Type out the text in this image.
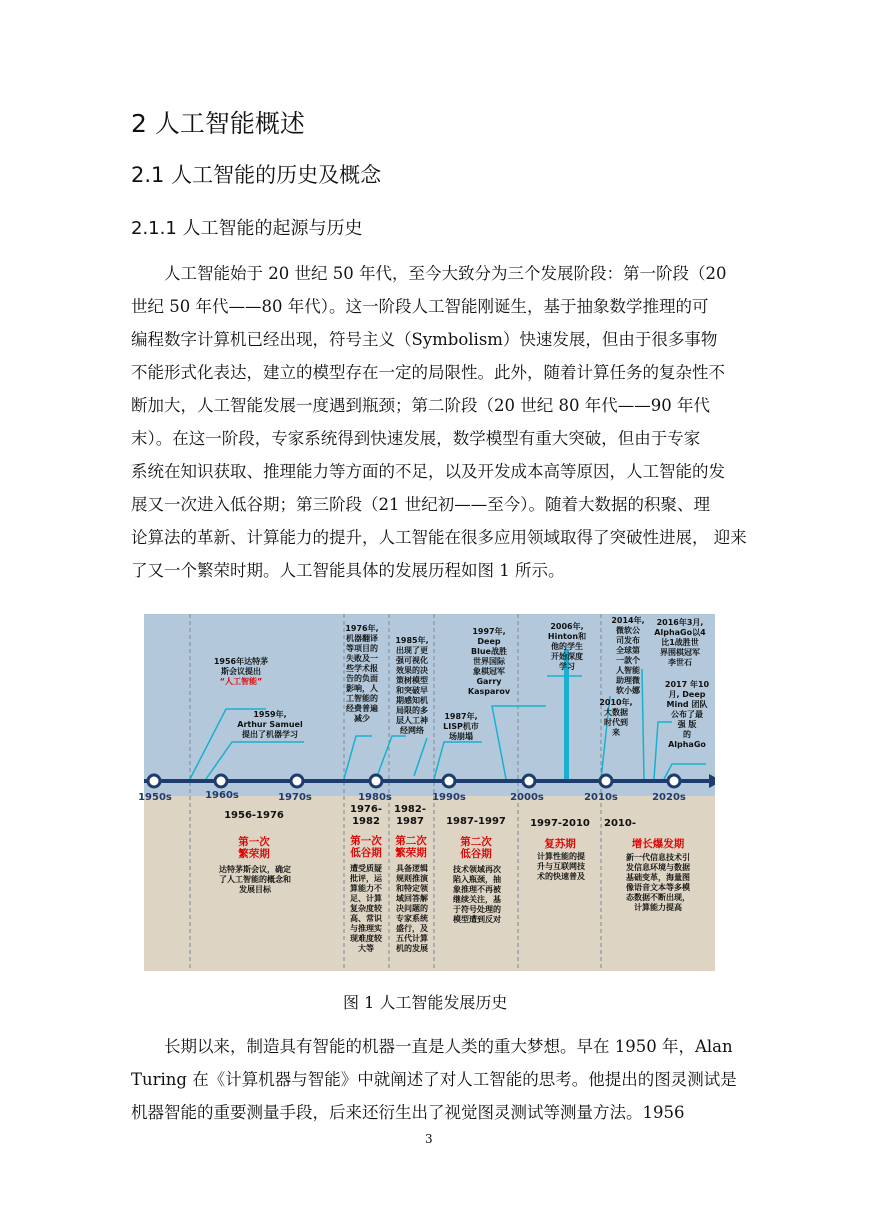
2 人工智能概述
2.1 人工智能的历史及概念
2.1.1 人工智能的起源与历史
　　人工智能始于 20 世纪 50 年代，至今大致分为三个发展阶段：第一阶段（20
世纪 50 年代——80 年代）。这一阶段人工智能刚诞生，基于抽象数学推理的可
编程数字计算机已经出现，符号主义（Symbolism）快速发展，但由于很多事物
不能形式化表达，建立的模型存在一定的局限性。此外，随着计算任务的复杂性不
断加大，人工智能发展一度遇到瓶颈；第二阶段（20 世纪 80 年代——90 年代
末）。在这一阶段，专家系统得到快速发展，数学模型有重大突破，但由于专家
系统在知识获取、推理能力等方面的不足，以及开发成本高等原因，人工智能的发
展又一次进入低谷期；第三阶段（21 世纪初——至今）。随着大数据的积聚、理
论算法的革新、计算能力的提升，人工智能在很多应用领域取得了突破性进展， 迎来
了又一个繁荣时期。人工智能具体的发展历程如图 1 所示。
1950s	1960s	1970s	1980s	1990s	2000s	2010s	2020s
1956年达特茅
斯会议提出
“人工智能”
1959年,
Arthur Samuel
提出了机器学习
1976年,
机器翻译
等项目的
失败及一
些学术报
告的负面
影响，人
工智能的
经费普遍
减少
1985年,
出现了更
强可视化
效果的决
策树模型
和突破早
期感知机
局限的多
层人工神
经网络
1987年,
LISP机市
场崩塌
1997年,
Deep
Blue战胜
世界国际
象棋冠军
Garry
Kasparov
2006年,
Hinton和
他的学生
开始深度
学习
2010年,
大数据
时代到
来
2014年,
微软公
司发布
全球第
一款个
人智能
助理微
软小娜
2016年3月,
AlphaGo以4
比1战胜世
界围棋冠军
李世石
2017 年10
月, Deep
Mind 团队
公布了最
强 版
的
AlphaGo
1956-1976
第一次
繁荣期
达特茅斯会议，确定
了人工智能的概念和
发展目标
1976-
1982
第一次
低谷期
遭受质疑
批评，运
算能力不
足、计算
复杂度较
高、常识
与推理实
现难度较
大等
1982-
1987
第二次
繁荣期
具备逻辑
规则推演
和特定领
域回答解
决问题的
专家系统
盛行，及
五代计算
机的发展
1987-1997
第二次
低谷期
技术领域再次
陷入瓶颈，抽
象推理不再被
继续关注，基
于符号处理的
模型遭到反对
1997-2010
复苏期
计算性能的提
升与互联网技
术的快速普及
2010-
增长爆发期
新一代信息技术引
发信息环境与数据
基础变革，海量图
像语音文本等多模
态数据不断出现，
计算能力提高
图 1 人工智能发展历史
　　长期以来，制造具有智能的机器一直是人类的重大梦想。早在 1950 年，Alan
Turing 在《计算机器与智能》中就阐述了对人工智能的思考。他提出的图灵测试是
机器智能的重要测量手段，后来还衍生出了视觉图灵测试等测量方法。1956
3
